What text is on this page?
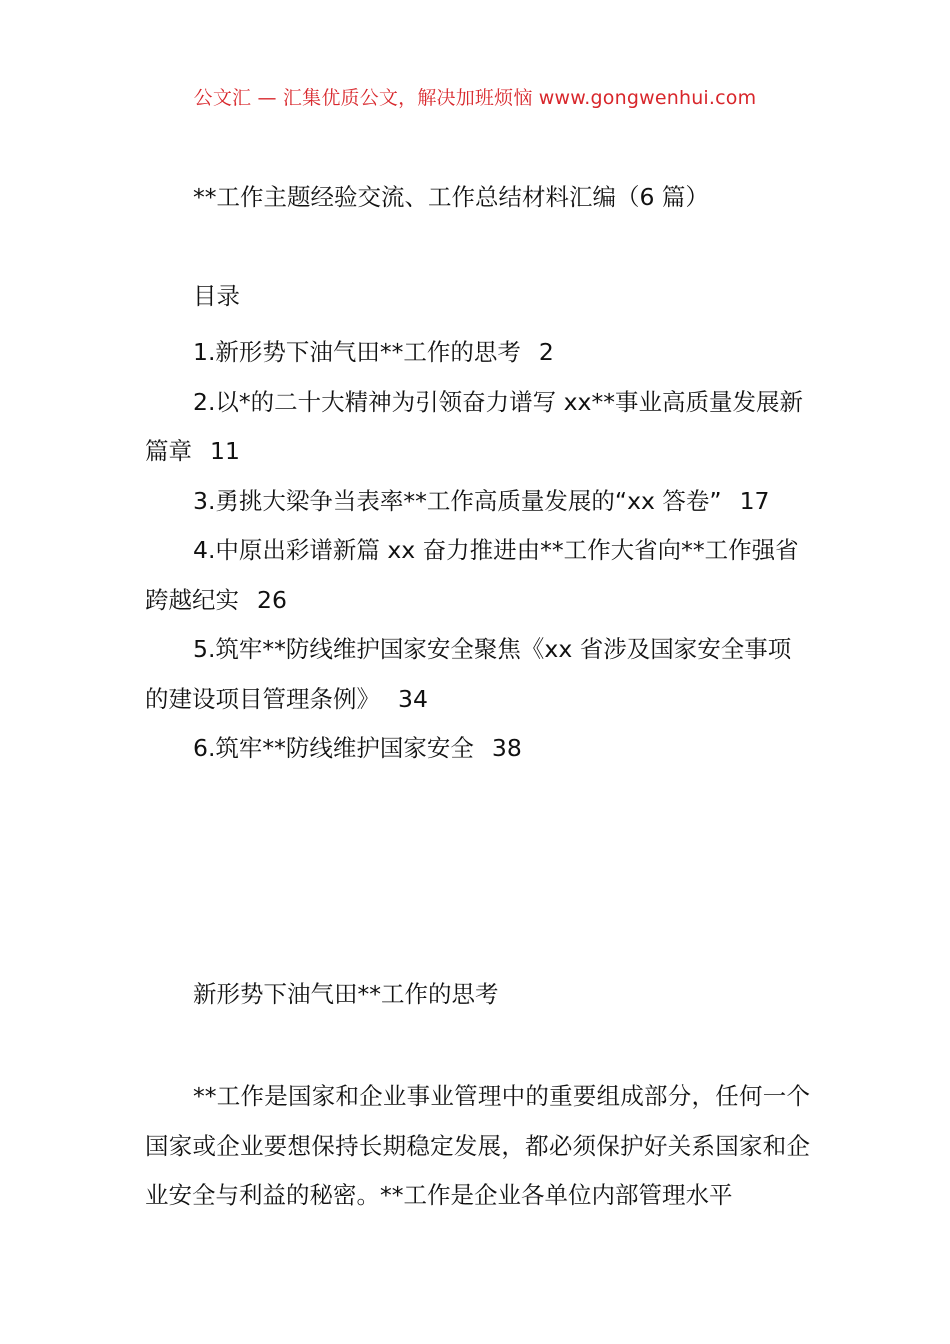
公文汇 — 汇集优质公文，解决加班烦恼 www.gongwenhui.com
**工作主题经验交流、工作总结材料汇编（6 篇）
目录

1.新形势下油气田**工作的思考 2

2.以*的二十大精神为引领奋力谱写 xx**事业高质量发展新篇章 11

3.勇挑大梁争当表率**工作高质量发展的“xx 答卷” 17

4.中原出彩谱新篇 xx 奋力推进由**工作大省向**工作强省跨越纪实 26

5.筑牢**防线维护国家安全聚焦《xx 省涉及国家安全事项的建设项目管理条例》 34

6.筑牢**防线维护国家安全 38

新形势下油气田**工作的思考

**工作是国家和企业事业管理中的重要组成部分，任何一个国家或企业要想保持长期稳定发展，都必须保护好关系国家和企业安全与利益的秘密。**工作是企业各单位内部管理水平
